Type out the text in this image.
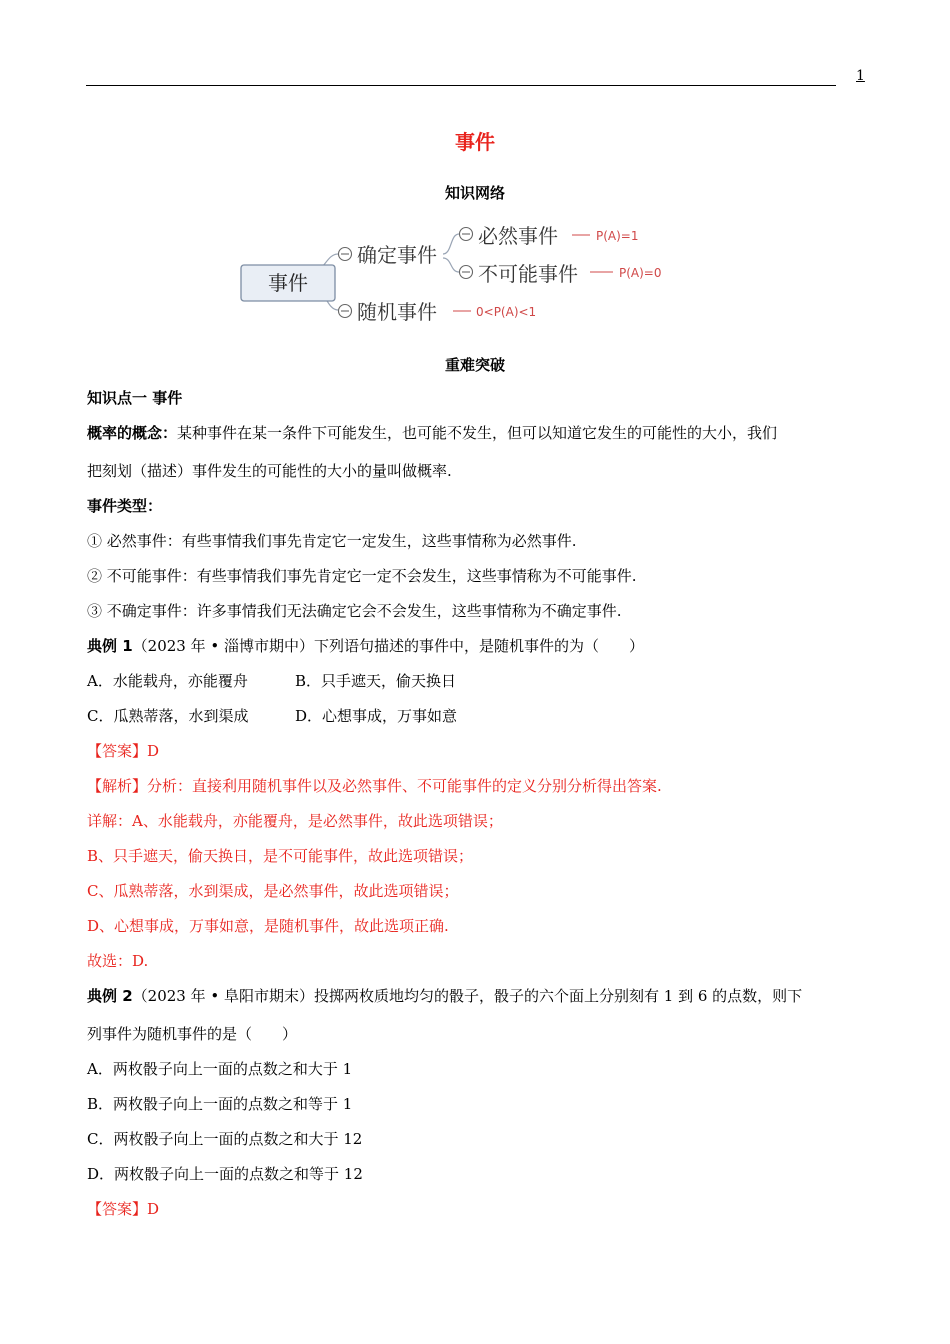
1
事件
知识网络
事件
确定事件
随机事件	0<P(A)<1
必然事件	P(A)=1
不可能事件	P(A)=0
重难突破
知识点一 事件
概率的概念：某种事件在某一条件下可能发生，也可能不发生，但可以知道它发生的可能性的大小，我们
把刻划（描述）事件发生的可能性的大小的量叫做概率.
事件类型：
① 必然事件：有些事情我们事先肯定它一定发生，这些事情称为必然事件.
② 不可能事件：有些事情我们事先肯定它一定不会发生，这些事情称为不可能事件.
③ 不确定事件：许多事情我们无法确定它会不会发生，这些事情称为不确定事件.
典例 1（2023 年 • 淄博市期中）下列语句描述的事件中，是随机事件的为（　　）
A．水能载舟，亦能覆舟	B．只手遮天，偷天换日
C．瓜熟蒂落，水到渠成	D．心想事成，万事如意
【答案】D
【解析】分析：直接利用随机事件以及必然事件、不可能事件的定义分别分析得出答案.
详解：A、水能载舟，亦能覆舟，是必然事件，故此选项错误；
B、只手遮天，偷天换日，是不可能事件，故此选项错误；
C、瓜熟蒂落，水到渠成，是必然事件，故此选项错误；
D、心想事成，万事如意，是随机事件，故此选项正确.
故选：D.
典例 2（2023 年 • 阜阳市期末）投掷两枚质地均匀的骰子，骰子的六个面上分别刻有 1 到 6 的点数，则下
列事件为随机事件的是（　　）
A．两枚骰子向上一面的点数之和大于 1
B．两枚骰子向上一面的点数之和等于 1
C．两枚骰子向上一面的点数之和大于 12
D．两枚骰子向上一面的点数之和等于 12
【答案】D
